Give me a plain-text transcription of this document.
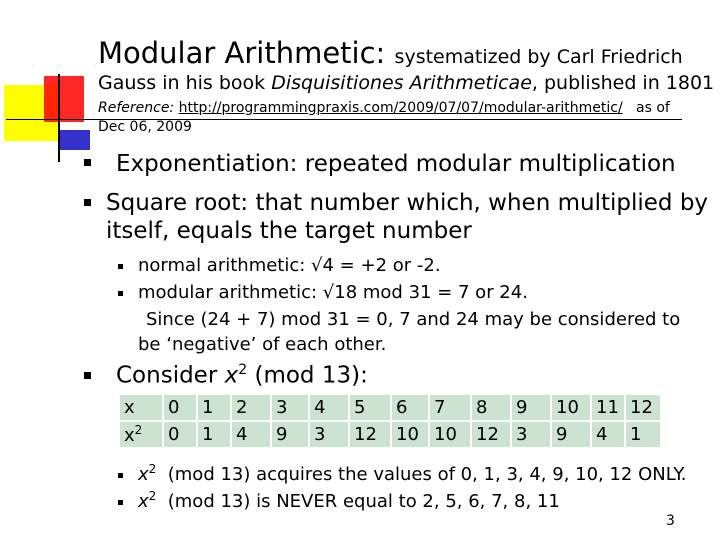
Modular Arithmetic: systematized by Carl Friedrich
Gauss in his book Disquisitiones Arithmeticae, published in 1801
Reference: http://programmingpraxis.com/2009/07/07/modular-arithmetic/ as of
Dec 06, 2009
Exponentiation: repeated modular multiplication
Square root: that number which, when multiplied by
itself, equals the target number
normal arithmetic: √4 = +2 or -2.
modular arithmetic: √18 mod 31 = 7 or 24.
Since (24 + 7) mod 31 = 0, 7 and 24 may be considered to
be ‘negative’ of each other.
Consider $x^2$ (mod 13):
x	0	1	2	3	4	5	6	7	8	9	10	11	12
$x^2$	0	1	4	9	3	12	10	10	12	3	9	4	1
$x^2$ (mod 13) acquires the values of 0, 1, 3, 4, 9, 10, 12 ONLY.
$x^2$ (mod 13) is NEVER equal to 2, 5, 6, 7, 8, 11
3
